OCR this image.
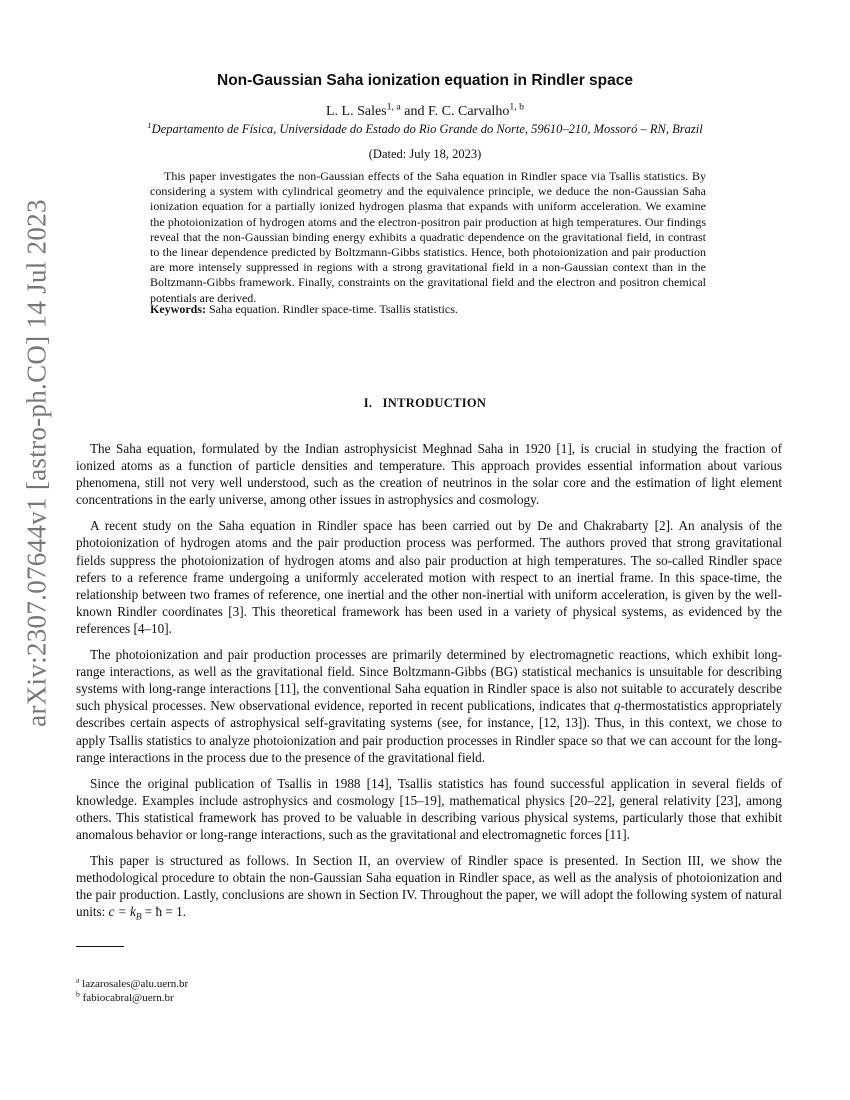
arXiv:2307.07644v1 [astro-ph.CO] 14 Jul 2023
Non-Gaussian Saha ionization equation in Rindler space
L. L. Sales$^{1, a}$ and F. C. Carvalho$^{1, b}$
$^1$Departamento de Física, Universidade do Estado do Rio Grande do Norte, 59610–210, Mossoró – RN, Brazil
(Dated: July 18, 2023)

This paper investigates the non-Gaussian effects of the Saha equation in Rindler space via Tsallis statistics. By considering a system with cylindrical geometry and the equivalence principle, we deduce the non-Gaussian Saha ionization equation for a partially ionized hydrogen plasma that expands with uniform acceleration. We examine the photoionization of hydrogen atoms and the electron-positron pair production at high temperatures. Our findings reveal that the non-Gaussian binding energy exhibits a quadratic dependence on the gravitational field, in contrast to the linear dependence predicted by Boltzmann-Gibbs statistics. Hence, both photoionization and pair production are more intensely suppressed in regions with a strong gravitational field in a non-Gaussian context than in the Boltzmann-Gibbs framework. Finally, constraints on the gravitational field and the electron and positron chemical potentials are derived.

Keywords: Saha equation. Rindler space-time. Tsallis statistics.

I. INTRODUCTION

The Saha equation, formulated by the Indian astrophysicist Meghnad Saha in 1920 [1], is crucial in studying the fraction of ionized atoms as a function of particle densities and temperature. This approach provides essential information about various phenomena, still not very well understood, such as the creation of neutrinos in the solar core and the estimation of light element concentrations in the early universe, among other issues in astrophysics and cosmology.

A recent study on the Saha equation in Rindler space has been carried out by De and Chakrabarty [2]. An analysis of the photoionization of hydrogen atoms and the pair production process was performed. The authors proved that strong gravitational fields suppress the photoionization of hydrogen atoms and also pair production at high temperatures. The so-called Rindler space refers to a reference frame undergoing a uniformly accelerated motion with respect to an inertial frame. In this space-time, the relationship between two frames of reference, one inertial and the other non-inertial with uniform acceleration, is given by the well-known Rindler coordinates [3]. This theoretical framework has been used in a variety of physical systems, as evidenced by the references [4–10].

The photoionization and pair production processes are primarily determined by electromagnetic reactions, which exhibit long-range interactions, as well as the gravitational field. Since Boltzmann-Gibbs (BG) statistical mechanics is unsuitable for describing systems with long-range interactions [11], the conventional Saha equation in Rindler space is also not suitable to accurately describe such physical processes. New observational evidence, reported in recent publications, indicates that q-thermostatistics appropriately describes certain aspects of astrophysical self-gravitating systems (see, for instance, [12, 13]). Thus, in this context, we chose to apply Tsallis statistics to analyze photoionization and pair production processes in Rindler space so that we can account for the long-range interactions in the process due to the presence of the gravitational field.

Since the original publication of Tsallis in 1988 [14], Tsallis statistics has found successful application in several fields of knowledge. Examples include astrophysics and cosmology [15–19], mathematical physics [20–22], general relativity [23], among others. This statistical framework has proved to be valuable in describing various physical systems, particularly those that exhibit anomalous behavior or long-range interactions, such as the gravitational and electromagnetic forces [11].

This paper is structured as follows. In Section II, an overview of Rindler space is presented. In Section III, we show the methodological procedure to obtain the non-Gaussian Saha equation in Rindler space, as well as the analysis of photoionization and the pair production. Lastly, conclusions are shown in Section IV. Throughout the paper, we will adopt the following system of natural units: $c = k_B$ = ħ = 1.

$^a$ lazarosales@alu.uern.br
$^b$ fabiocabral@uern.br
